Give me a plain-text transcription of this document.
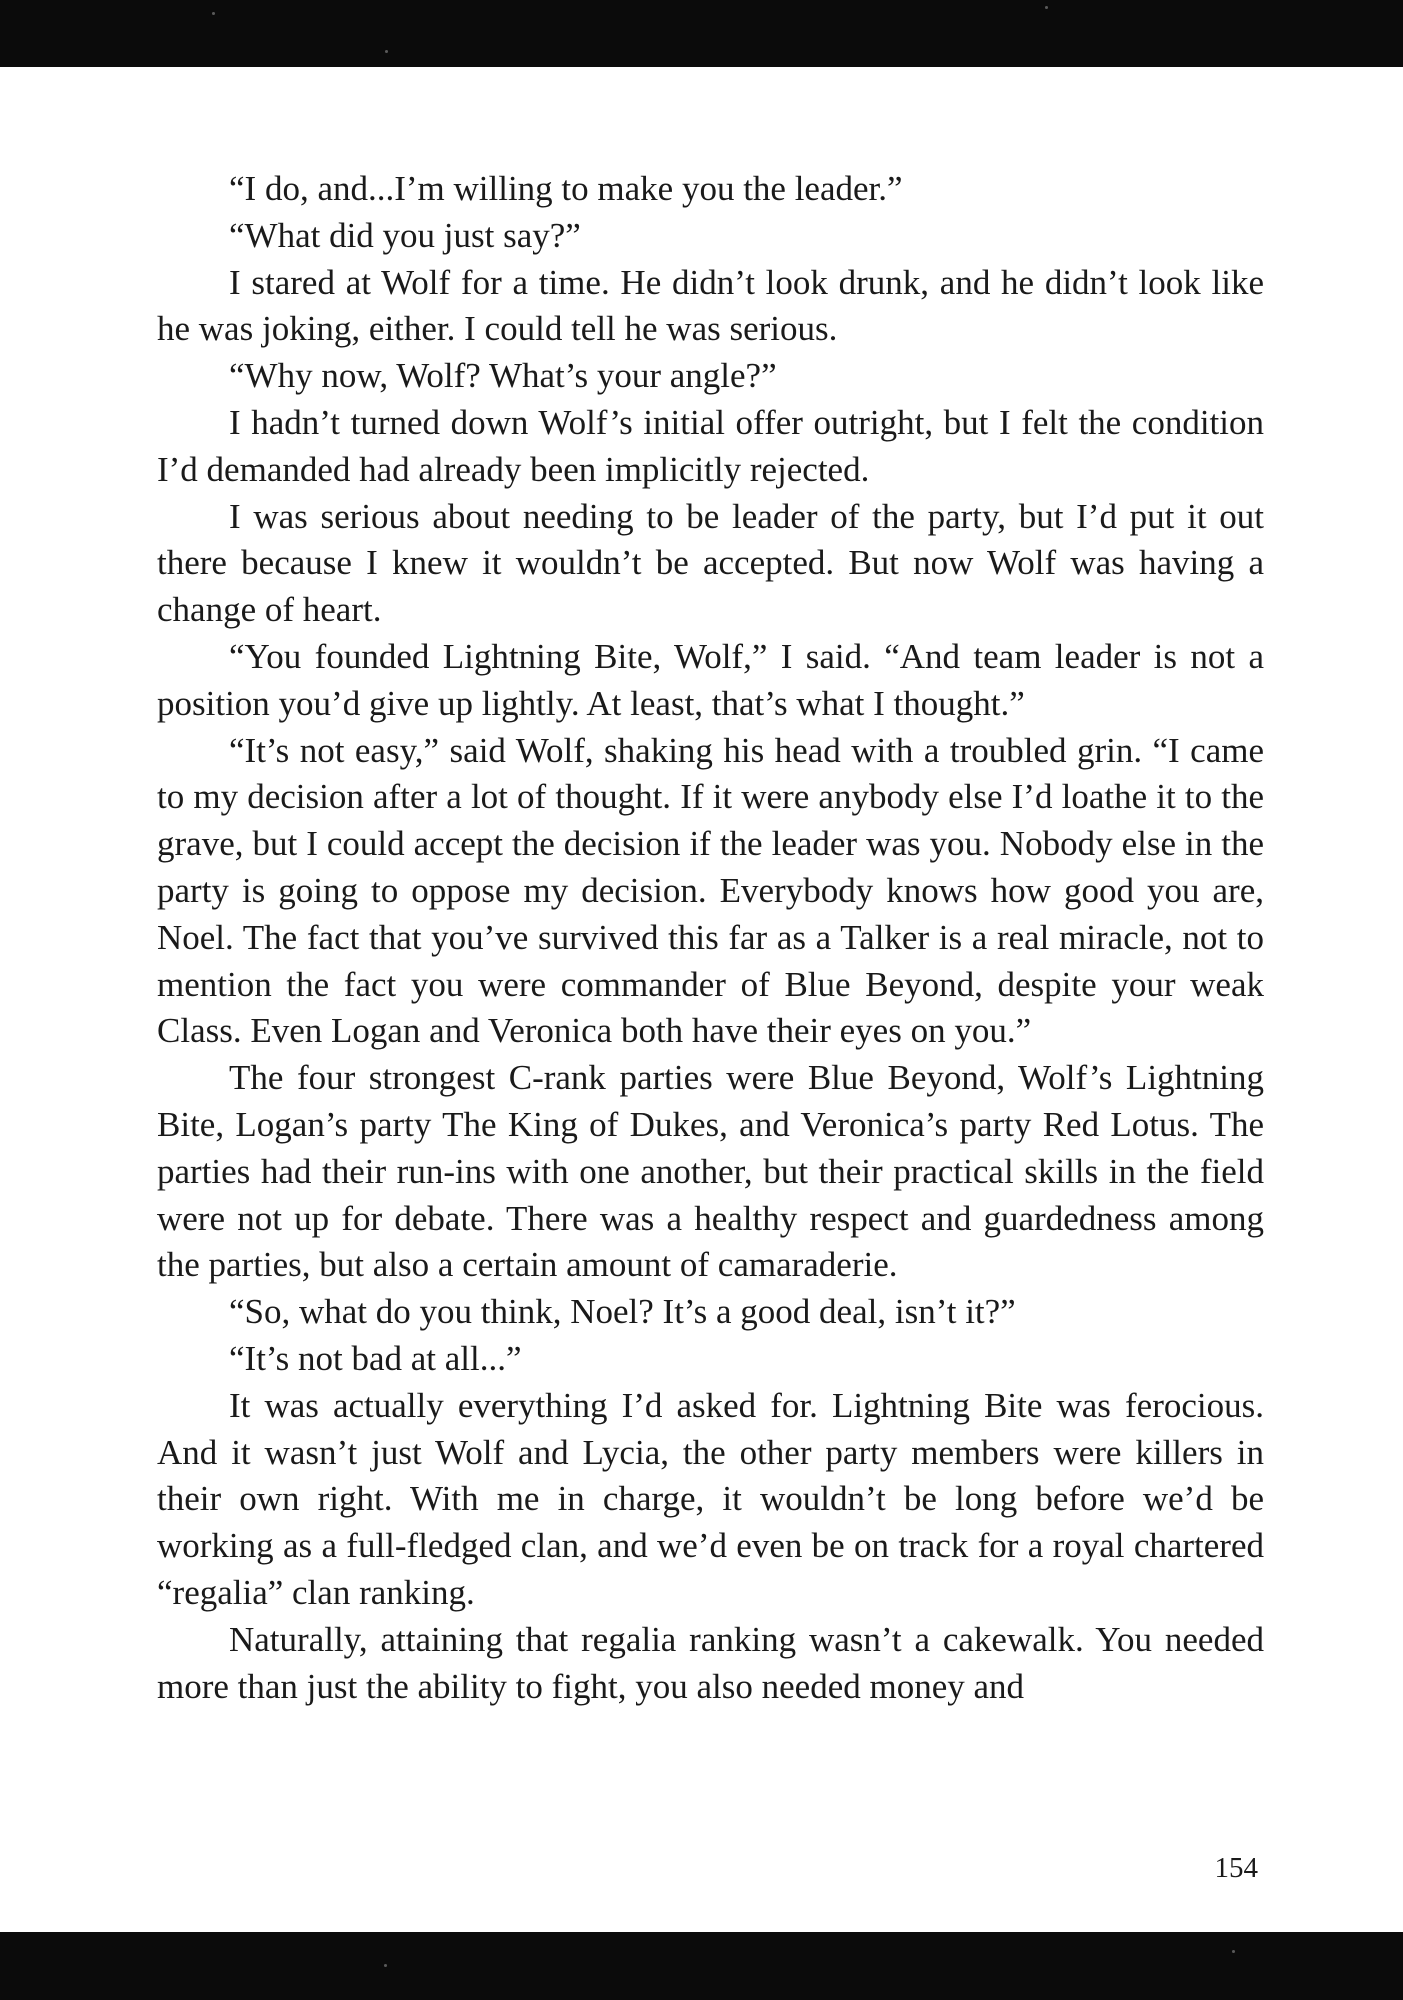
“I do, and...I’m willing to make you the leader.”

“What did you just say?”

I stared at Wolf for a time. He didn’t look drunk, and he didn’t look like he was joking, either. I could tell he was serious.

“Why now, Wolf? What’s your angle?”

I hadn’t turned down Wolf’s initial offer outright, but I felt the condition I’d demanded had already been implicitly rejected.

I was serious about needing to be leader of the party, but I’d put it out there because I knew it wouldn’t be accepted. But now Wolf was having a change of heart.

“You founded Lightning Bite, Wolf,” I said. “And team leader is not a position you’d give up lightly. At least, that’s what I thought.”

“It’s not easy,” said Wolf, shaking his head with a troubled grin. “I came to my decision after a lot of thought. If it were anybody else I’d loathe it to the grave, but I could accept the decision if the leader was you. Nobody else in the party is going to oppose my decision. Everybody knows how good you are, Noel. The fact that you’ve survived this far as a Talker is a real miracle, not to mention the fact you were commander of Blue Beyond, despite your weak Class. Even Logan and Veronica both have their eyes on you.”

The four strongest C-rank parties were Blue Beyond, Wolf’s Lightning Bite, Logan’s party The King of Dukes, and Veronica’s party Red Lotus. The parties had their run-ins with one another, but their practical skills in the field were not up for debate. There was a healthy respect and guardedness among the parties, but also a certain amount of camaraderie.

“So, what do you think, Noel? It’s a good deal, isn’t it?”

“It’s not bad at all...”

It was actually everything I’d asked for. Lightning Bite was ferocious. And it wasn’t just Wolf and Lycia, the other party members were killers in their own right. With me in charge, it wouldn’t be long before we’d be working as a full-fledged clan, and we’d even be on track for a royal chartered “regalia” clan ranking.

Naturally, attaining that regalia ranking wasn’t a cakewalk. You needed more than just the ability to fight, you also needed money and

154
